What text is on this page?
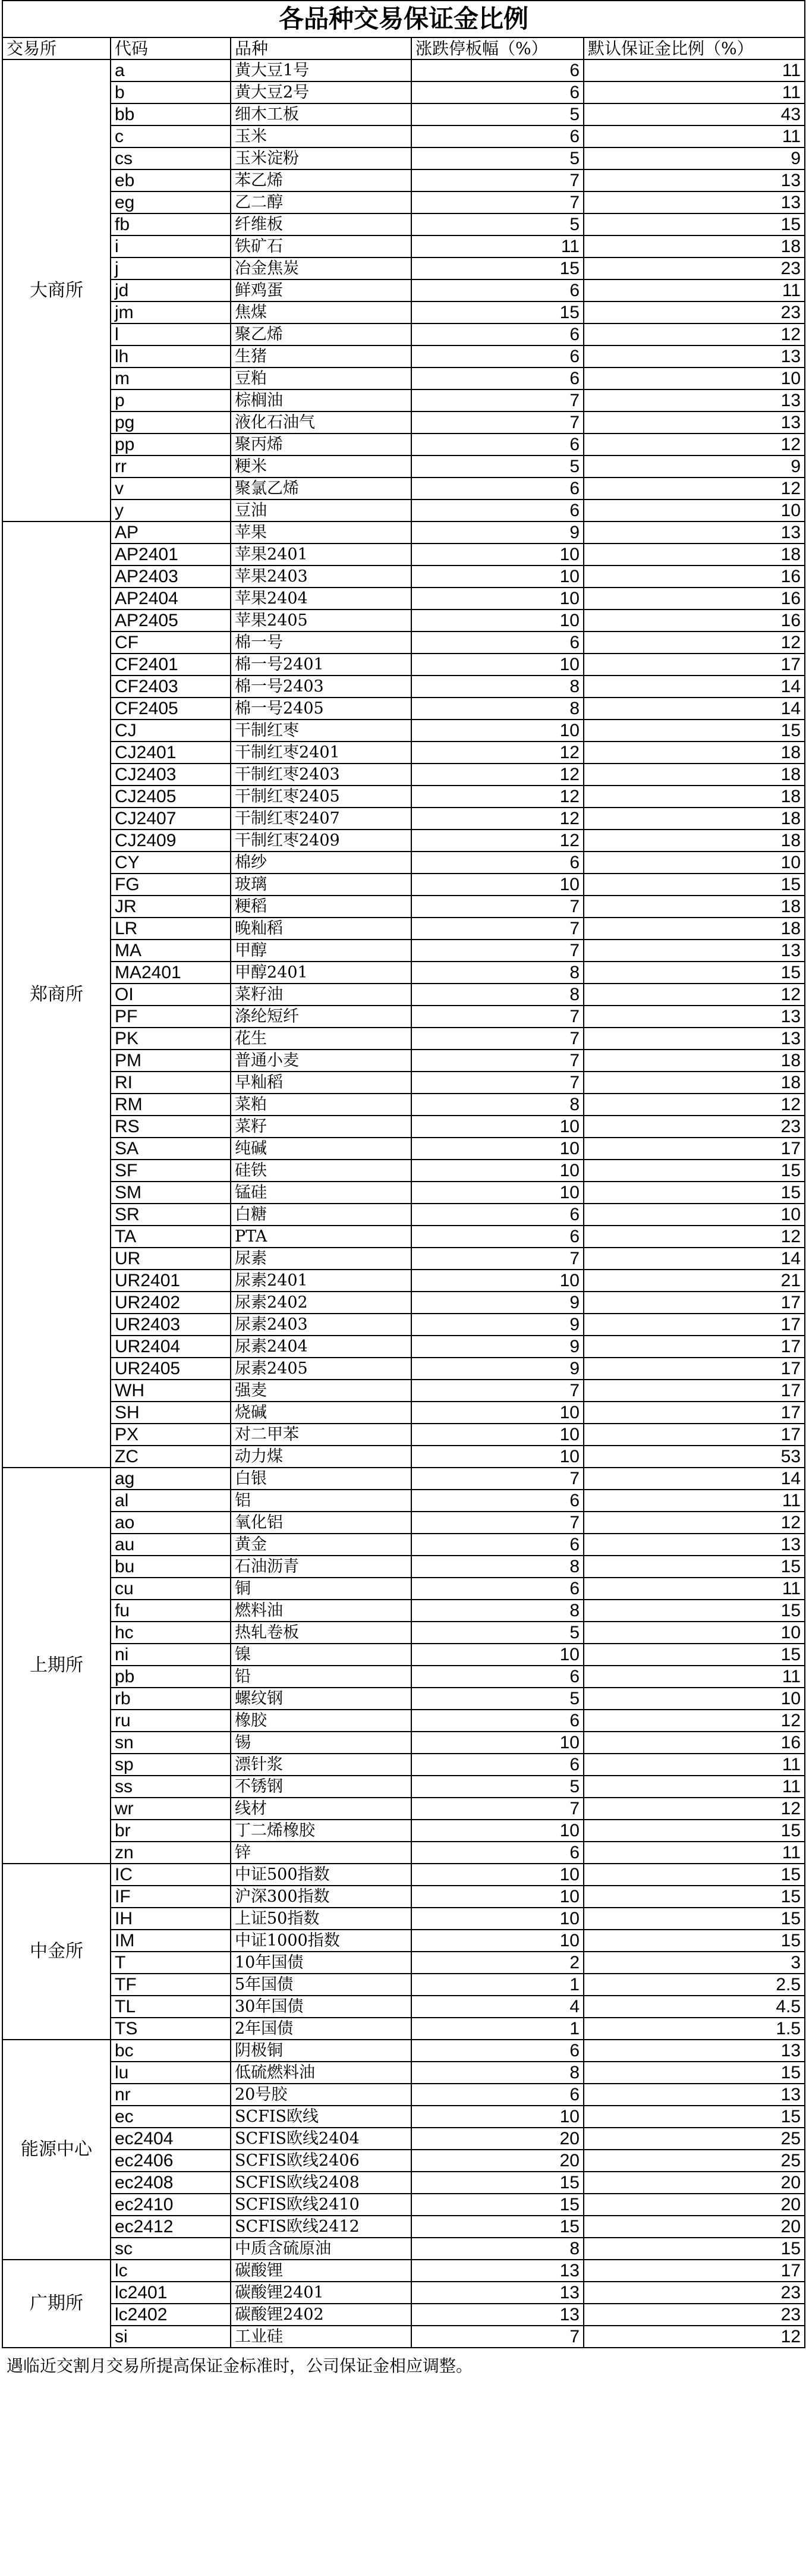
各品种交易保证金比例				
交易所	代码	品种	涨跌停板幅（%）	默认保证金比例（%）
大商所	a	黄大豆1号	6	11
	b	黄大豆2号	6	11
	bb	细木工板	5	43
	c	玉米	6	11
	cs	玉米淀粉	5	9
	eb	苯乙烯	7	13
	eg	乙二醇	7	13
	fb	纤维板	5	15
	i	铁矿石	11	18
	j	冶金焦炭	15	23
	jd	鲜鸡蛋	6	11
	jm	焦煤	15	23
	l	聚乙烯	6	12
	lh	生猪	6	13
	m	豆粕	6	10
	p	棕榈油	7	13
	pg	液化石油气	7	13
	pp	聚丙烯	6	12
	rr	粳米	5	9
	v	聚氯乙烯	6	12
	y	豆油	6	10
郑商所	AP	苹果	9	13
	AP2401	苹果2401	10	18
	AP2403	苹果2403	10	16
	AP2404	苹果2404	10	16
	AP2405	苹果2405	10	16
	CF	棉一号	6	12
	CF2401	棉一号2401	10	17
	CF2403	棉一号2403	8	14
	CF2405	棉一号2405	8	14
	CJ	干制红枣	10	15
	CJ2401	干制红枣2401	12	18
	CJ2403	干制红枣2403	12	18
	CJ2405	干制红枣2405	12	18
	CJ2407	干制红枣2407	12	18
	CJ2409	干制红枣2409	12	18
	CY	棉纱	6	10
	FG	玻璃	10	15
	JR	粳稻	7	18
	LR	晚籼稻	7	18
	MA	甲醇	7	13
	MA2401	甲醇2401	8	15
	OI	菜籽油	8	12
	PF	涤纶短纤	7	13
	PK	花生	7	13
	PM	普通小麦	7	18
	RI	早籼稻	7	18
	RM	菜粕	8	12
	RS	菜籽	10	23
	SA	纯碱	10	17
	SF	硅铁	10	15
	SM	锰硅	10	15
	SR	白糖	6	10
	TA	PTA	6	12
	UR	尿素	7	14
	UR2401	尿素2401	10	21
	UR2402	尿素2402	9	17
	UR2403	尿素2403	9	17
	UR2404	尿素2404	9	17
	UR2405	尿素2405	9	17
	WH	强麦	7	17
	SH	烧碱	10	17
	PX	对二甲苯	10	17
	ZC	动力煤	10	53
上期所	ag	白银	7	14
	al	铝	6	11
	ao	氧化铝	7	12
	au	黄金	6	13
	bu	石油沥青	8	15
	cu	铜	6	11
	fu	燃料油	8	15
	hc	热轧卷板	5	10
	ni	镍	10	15
	pb	铅	6	11
	rb	螺纹钢	5	10
	ru	橡胶	6	12
	sn	锡	10	16
	sp	漂针浆	6	11
	ss	不锈钢	5	11
	wr	线材	7	12
	br	丁二烯橡胶	10	15
	zn	锌	6	11
中金所	IC	中证500指数	10	15
	IF	沪深300指数	10	15
	IH	上证50指数	10	15
	IM	中证1000指数	10	15
	T	10年国债	2	3
	TF	5年国债	1	2.5
	TL	30年国债	4	4.5
	TS	2年国债	1	1.5
能源中心	bc	阴极铜	6	13
	lu	低硫燃料油	8	15
	nr	20号胶	6	13
	ec	SCFIS欧线	10	15
	ec2404	SCFIS欧线2404	20	25
	ec2406	SCFIS欧线2406	20	25
	ec2408	SCFIS欧线2408	15	20
	ec2410	SCFIS欧线2410	15	20
	ec2412	SCFIS欧线2412	15	20
	sc	中质含硫原油	8	15
广期所	lc	碳酸锂	13	17
	lc2401	碳酸锂2401	13	23
	lc2402	碳酸锂2402	13	23
	si	工业硅	7	12
遇临近交割月交易所提高保证金标准时，公司保证金相应调整。
